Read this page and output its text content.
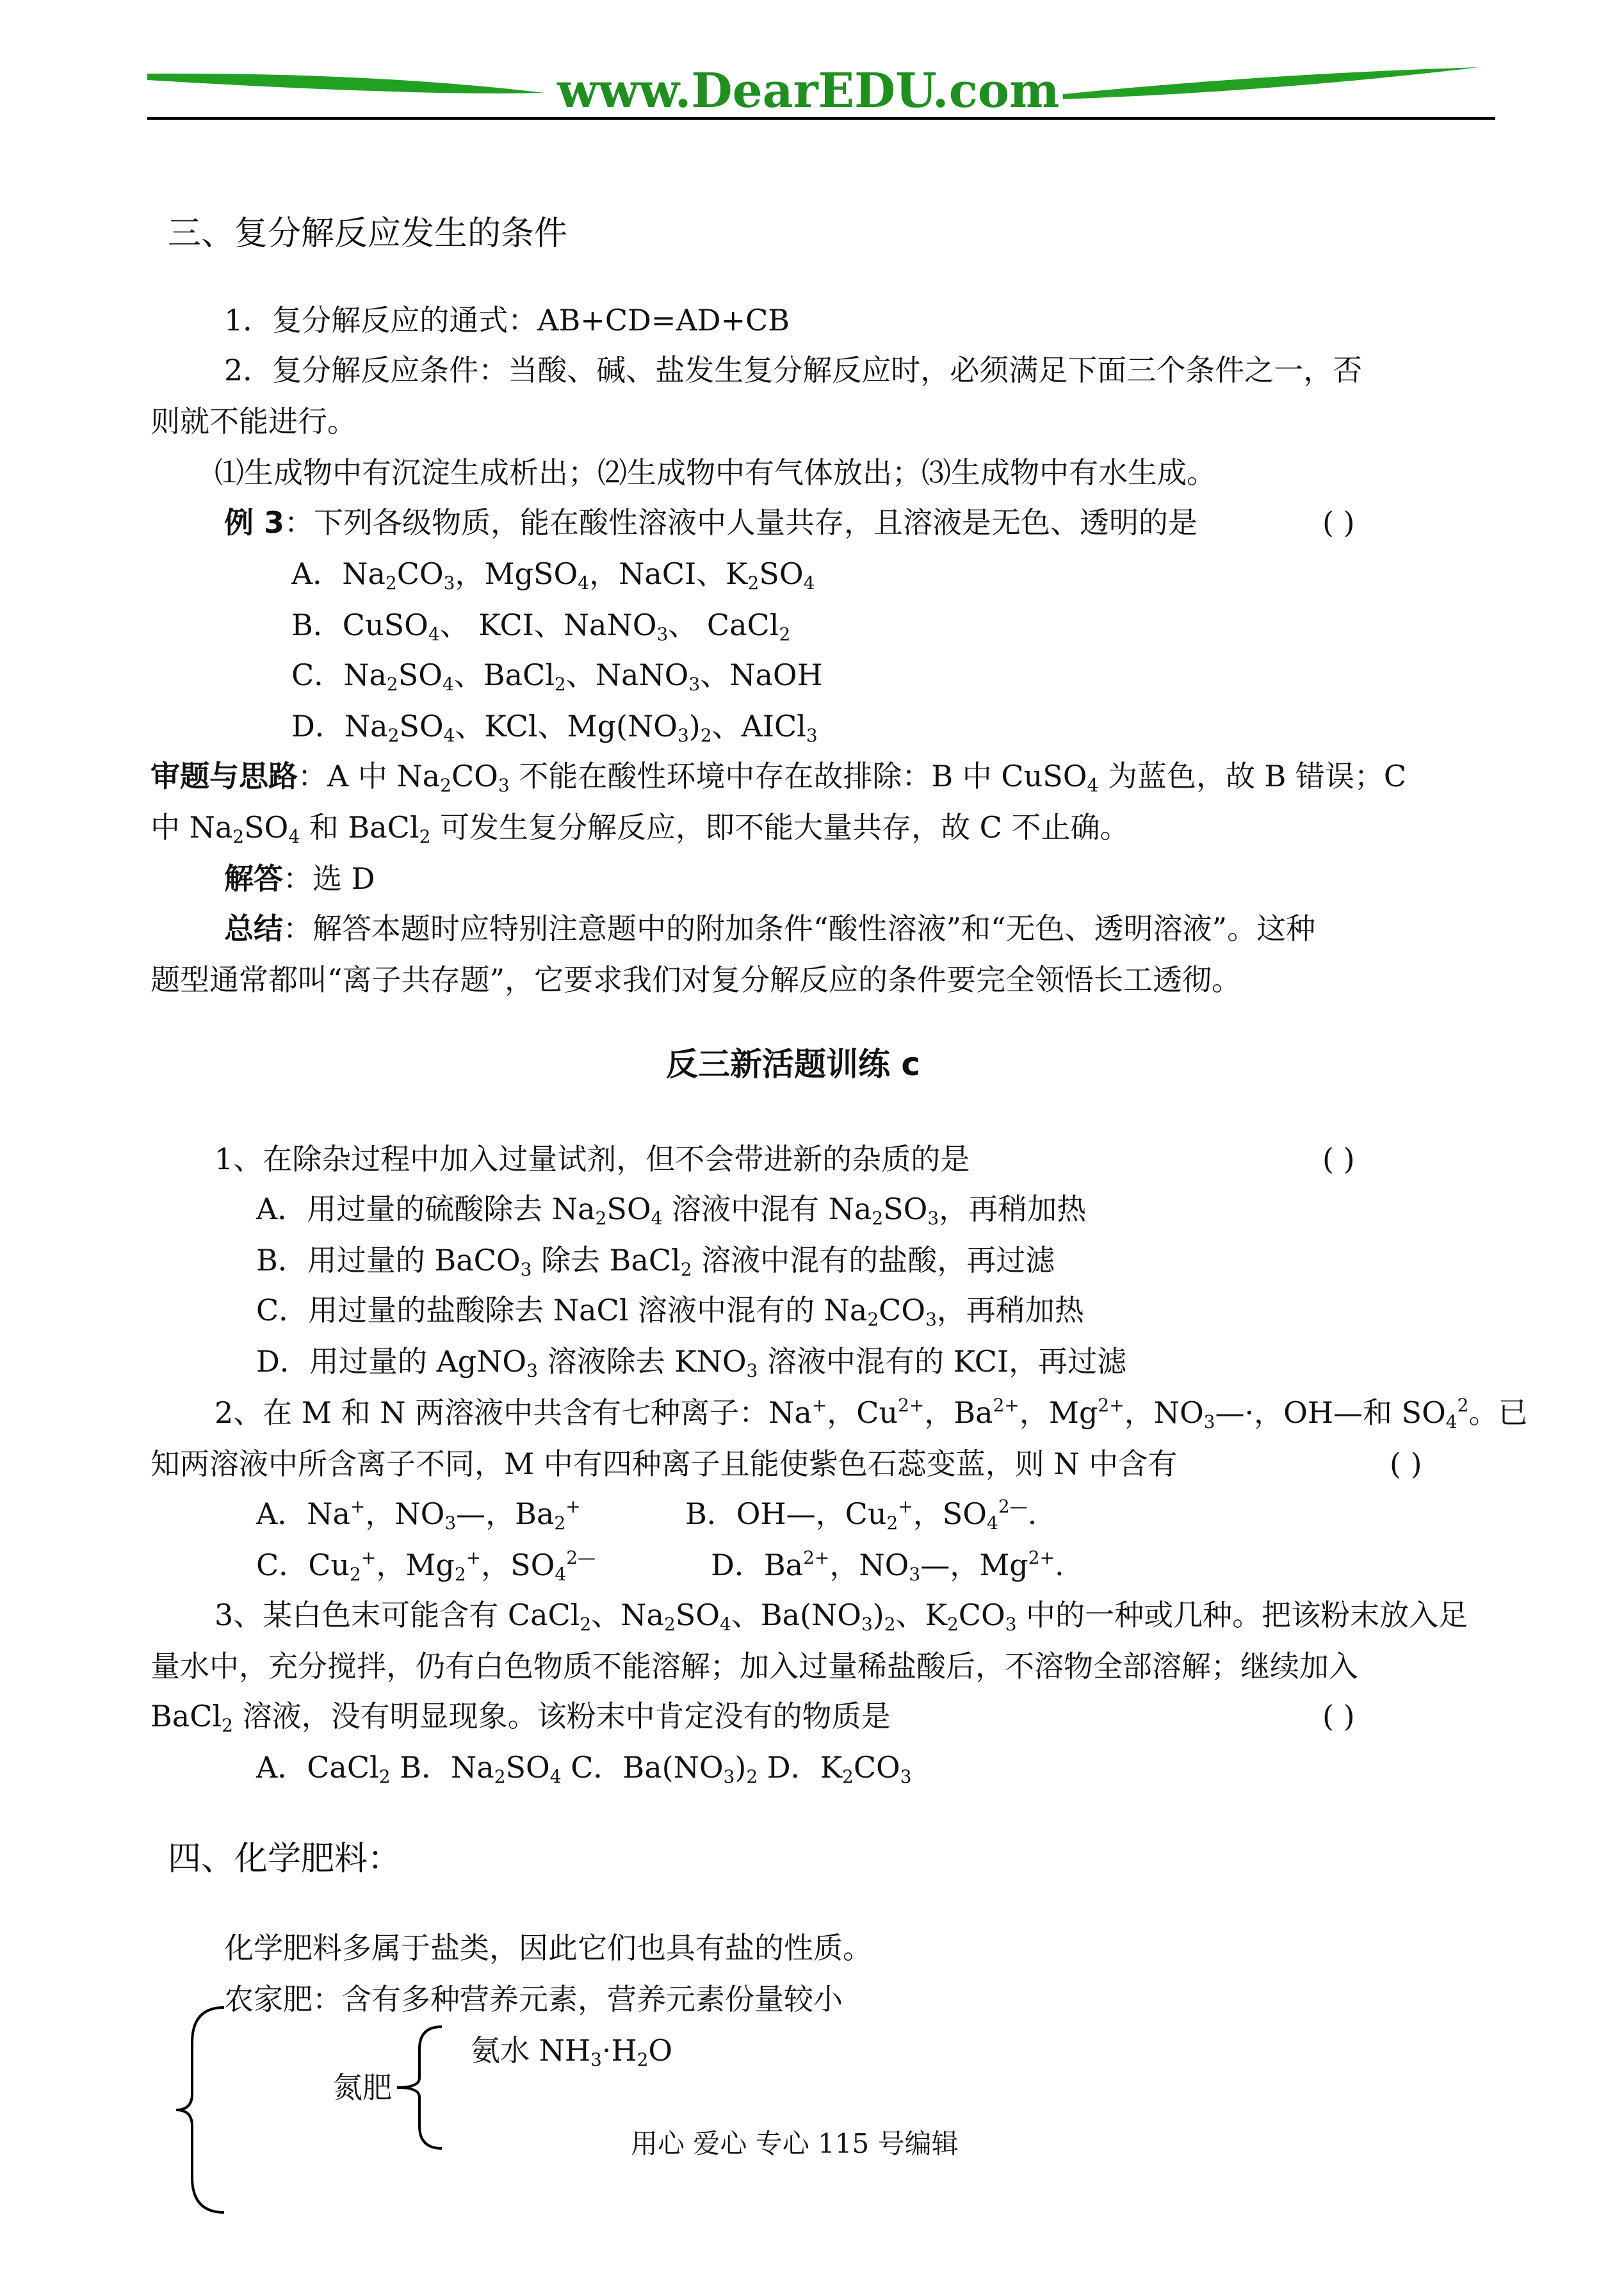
www.DearEDU.com
三、复分解反应发生的条件
1．复分解反应的通式：AB+CD=AD+CB
2．复分解反应条件：当酸、碱、盐发生复分解反应时，必须满足下面三个条件之一，否
则就不能进行。
⑴生成物中有沉淀生成析出；⑵生成物中有气体放出；⑶生成物中有水生成。
例 3：下列各级物质，能在酸性溶液中人量共存，且溶液是无色、透明的是	( )
A．$Na_2CO_3$，MgSO$_4$，NaCI、$K_2SO_4$
B．CuSO$_4$、 KCI、NaNO$_3$、 CaCl$_2$
C．$Na_2SO_4$、BaCl$_2$、NaNO$_3$、NaOH
D．$Na_2SO_4$、KCl、$Mg(NO_3)_2$、AICl$_3$
审题与思路：A 中 $Na_2CO_3$ 不能在酸性环境中存在故排除：B 中 CuSO$_4$ 为蓝色，故 B 错误；C
中 $Na_2SO_4$ 和 BaCl$_2$ 可发生复分解反应，即不能大量共存，故 C 不止确。
解答：选 D
总结：解答本题时应特别注意题中的附加条件“酸性溶液”和“无色、透明溶液”。这种
题型通常都叫“离子共存题”，它要求我们对复分解反应的条件要完全领悟长工透彻。
反三新活题训练 c
1、在除杂过程中加入过量试剂，但不会带进新的杂质的是	( )
A．用过量的硫酸除去 $Na_2SO_4$ 溶液中混有 $Na_2SO_3$，再稍加热
B．用过量的 BaCO$_3$ 除去 BaCl$_2$ 溶液中混有的盐酸，再过滤
C．用过量的盐酸除去 NaCl 溶液中混有的 $Na_2CO_3$，再稍加热
D．用过量的 AgNO$_3$ 溶液除去 $KNO_3$ 溶液中混有的 KCI，再过滤
2、在 M 和 N 两溶液中共含有七种离子：Na+，$Cu^{2+}$，$Ba^{2+}$，$Mg^{2+}$，$NO_3—\cdot$，OH—和 $SO_4^2$。已
知两溶液中所含离子不同，M 中有四种离子且能使紫色石蕊变蓝，则 N 中含有	( )
A．Na+，$NO_3—$，$Ba_2^+$	B．OH—，$Cu_2^+$，$SO_4^{2—}$.
C．$Cu_2^+$，$Mg_2^+$，$SO_4^{2—}$	D．$Ba^{2+}$，$NO_3—$，$Mg^{2+}$.
3、某白色末可能含有 CaCl$_2$、$Na_2SO_4$、$Ba(NO_3)_2$、$K_2CO_3$ 中的一种或几种。把该粉末放入足
量水中，充分搅拌，仍有白色物质不能溶解；加入过量稀盐酸后，不溶物全部溶解；继续加入
BaCl$_2$ 溶液，没有明显现象。该粉末中肯定没有的物质是	( )
A．CaCl$_2$ B．$Na_2SO_4$ C．$Ba(NO_3)_2$ D．$K_2CO_3$
四、化学肥料：
化学肥料多属于盐类，因此它们也具有盐的性质。
农家肥：含有多种营养元素，营养元素份量较小
氮肥
氨水 $NH_3\cdot H_2O$
用心 爱心 专心 115 号编辑
